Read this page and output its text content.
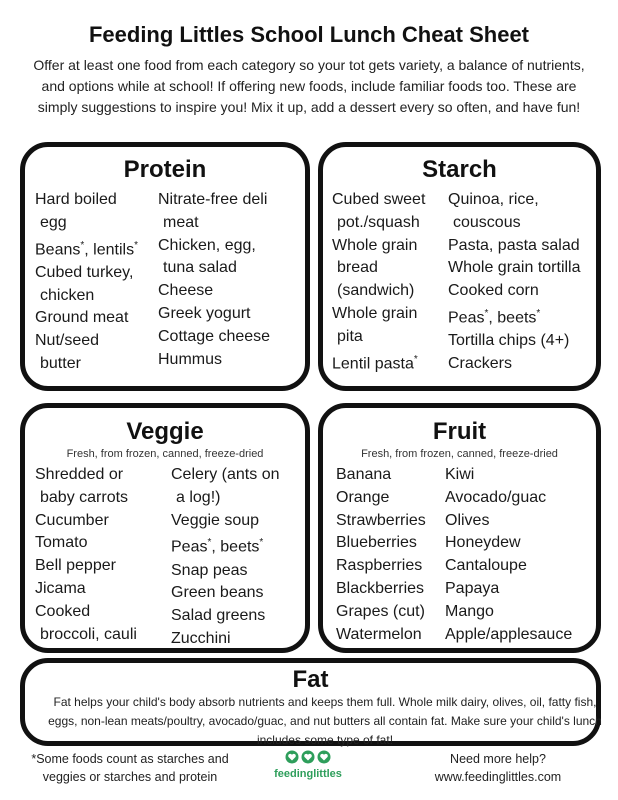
Feeding Littles School Lunch Cheat Sheet
Offer at least one food from each category so your tot gets variety, a balance of nutrients, and options while at school! If offering new foods, include familiar foods too. These are simply suggestions to inspire you! Mix it up, add a dessert every so often, and have fun!
Protein
Hard boiled
egg
Beans*, lentils*
Cubed turkey,
chicken
Ground meat
Nut/seed
butter
Nitrate-free deli
meat
Chicken, egg,
tuna salad
Cheese
Greek yogurt
Cottage cheese
Hummus
Starch
Cubed sweet
pot./squash
Whole grain
bread
(sandwich)
Whole grain
pita
Lentil pasta*
Quinoa, rice,
couscous
Pasta, pasta salad
Whole grain tortilla
Cooked corn
Peas*, beets*
Tortilla chips (4+)
Crackers
Veggie
Fresh, from frozen, canned, freeze-dried
Shredded or
baby carrots
Cucumber
Tomato
Bell pepper
Jicama
Cooked
broccoli, cauli
Celery (ants on
a log!)
Veggie soup
Peas*, beets*
Snap peas
Green beans
Salad greens
Zucchini
Fruit
Fresh, from frozen, canned, freeze-dried
Banana
Orange
Strawberries
Blueberries
Raspberries
Blackberries
Grapes (cut)
Watermelon
Kiwi
Avocado/guac
Olives
Honeydew
Cantaloupe
Papaya
Mango
Apple/applesauce
Fat
Fat helps your child's body absorb nutrients and keeps them full. Whole milk dairy, olives, oil, fatty fish, eggs, non-lean meats/poultry, avocado/guac, and nut butters all contain fat. Make sure your child's lunch includes some type of fat!
*Some foods count as starches and veggies or starches and protein	feedinglittles
Need more help?
www.feedinglittles.com
